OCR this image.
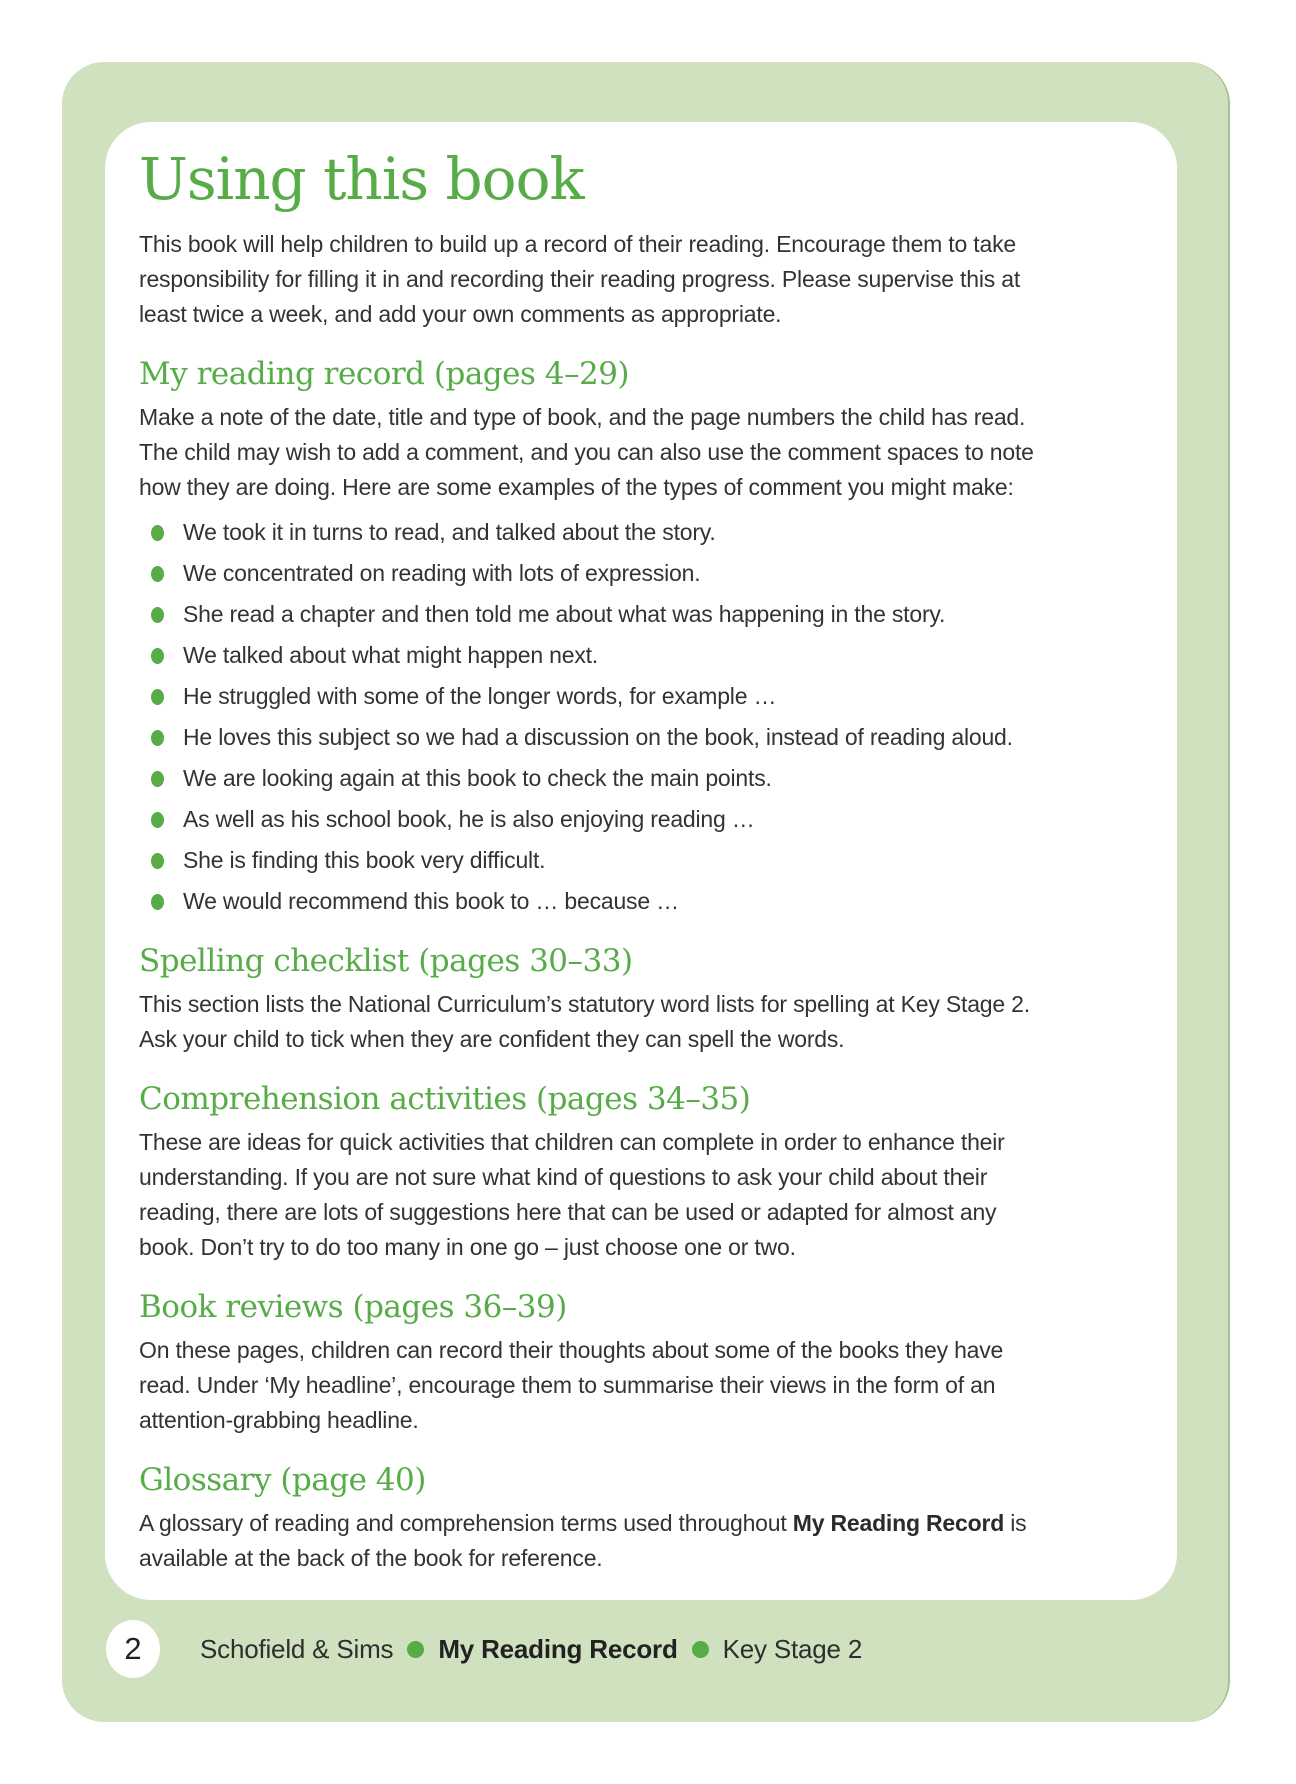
Using this book

This book will help children to build up a record of their reading. Encourage them to take responsibility for filling it in and recording their reading progress. Please supervise this at least twice a week, and add your own comments as appropriate.

My reading record (pages 4–29)

Make a note of the date, title and type of book, and the page numbers the child has read. The child may wish to add a comment, and you can also use the comment spaces to note how they are doing. Here are some examples of the types of comment you might make:

We took it in turns to read, and talked about the story.
We concentrated on reading with lots of expression.
She read a chapter and then told me about what was happening in the story.
We talked about what might happen next.
He struggled with some of the longer words, for example …
He loves this subject so we had a discussion on the book, instead of reading aloud.
We are looking again at this book to check the main points.
As well as his school book, he is also enjoying reading …
She is finding this book very difficult.
We would recommend this book to … because …
Spelling checklist (pages 30–33)

This section lists the National Curriculum’s statutory word lists for spelling at Key Stage 2. Ask your child to tick when they are confident they can spell the words.

Comprehension activities (pages 34–35)

These are ideas for quick activities that children can complete in order to enhance their understanding. If you are not sure what kind of questions to ask your child about their reading, there are lots of suggestions here that can be used or adapted for almost any book. Don’t try to do too many in one go – just choose one or two.

Book reviews (pages 36–39)

On these pages, children can record their thoughts about some of the books they have read. Under ‘My headline’, encourage them to summarise their views in the form of an attention-grabbing headline.

Glossary (page 40)

A glossary of reading and comprehension terms used throughout My Reading Record is available at the back of the book for reference.

2 Schofield & Sims My Reading Record Key Stage 2
